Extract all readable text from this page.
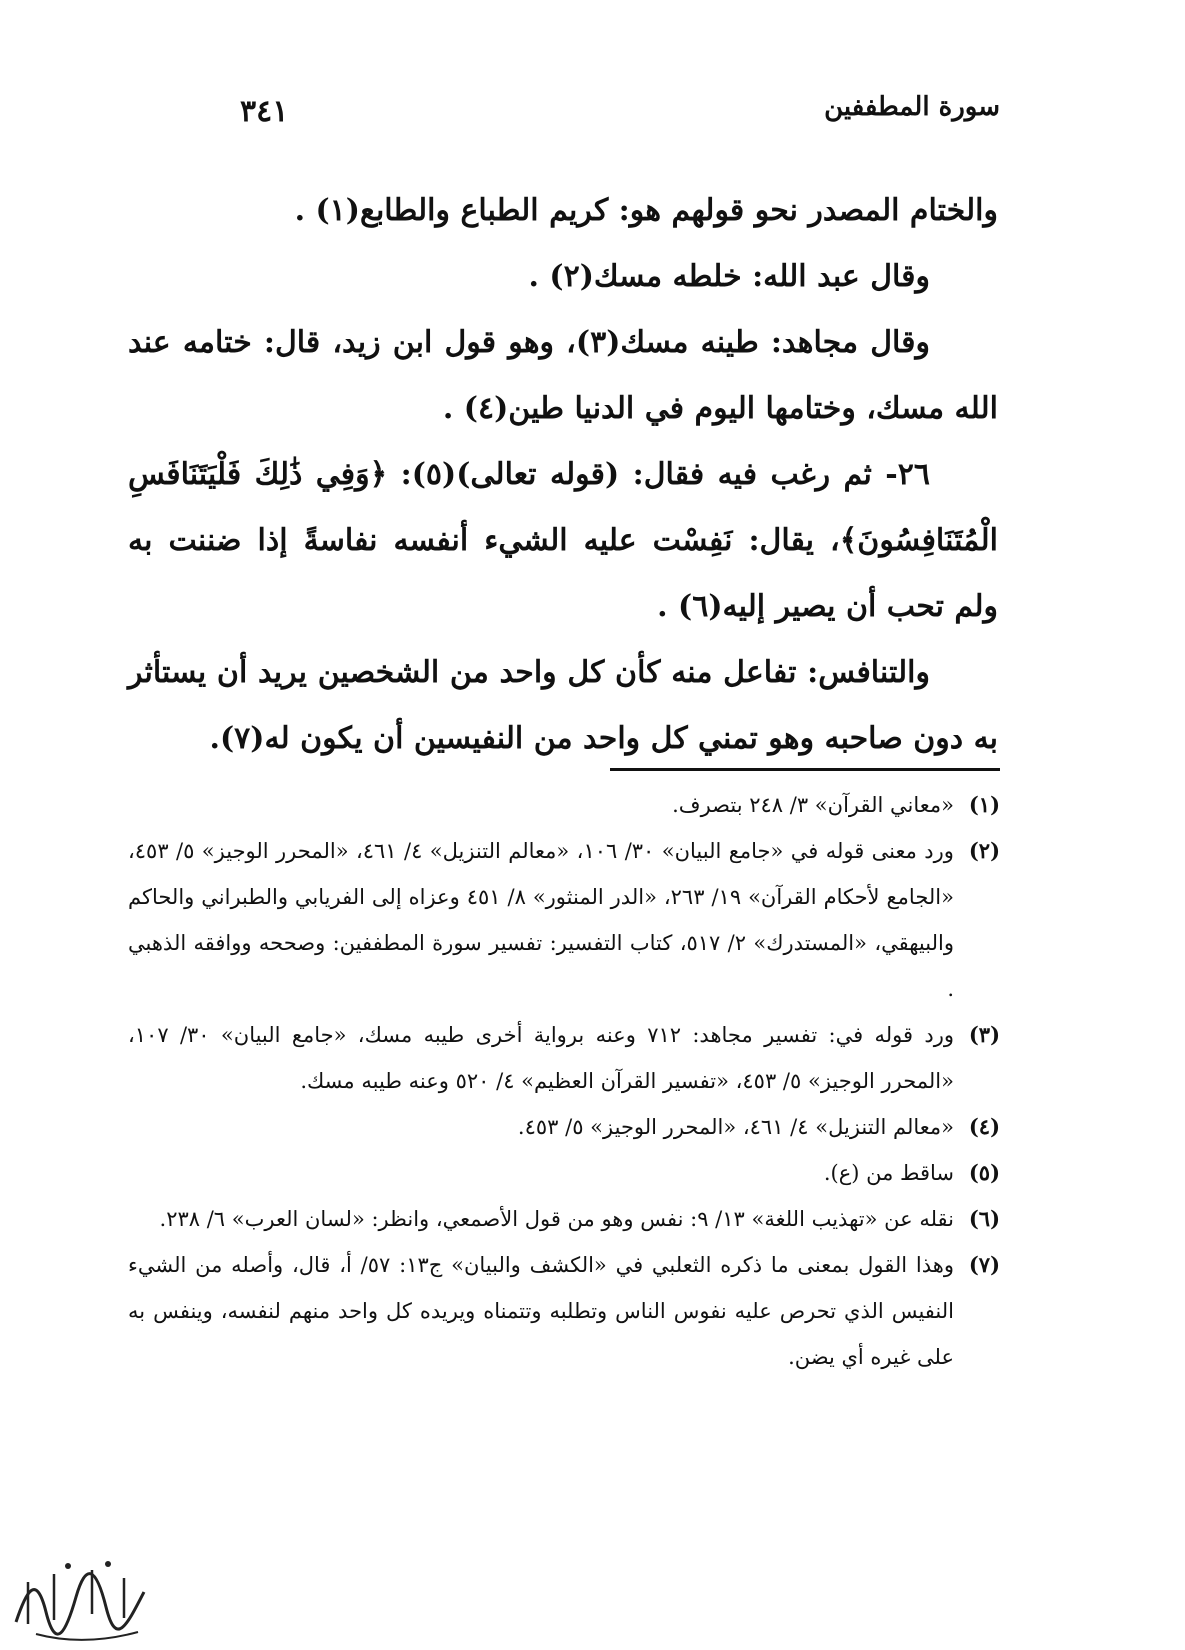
سورة المطففين
٣٤١

والختام المصدر نحو قولهم هو: كريم الطباع والطابع(١) .

وقال عبد الله: خلطه مسك(٢) .

وقال مجاهد: طينه مسك(٣)، وهو قول ابن زيد، قال: ختامه عند الله مسك، وختامها اليوم في الدنيا طين(٤) .

٢٦- ثم رغب فيه فقال: (قوله تعالى)(٥): ﴿وَفِي ذَٰلِكَ فَلْيَتَنَافَسِ الْمُتَنَافِسُونَ﴾، يقال: نَفِسْت عليه الشيء أنفسه نفاسةً إذا ضننت به ولم تحب أن يصير إليه(٦) .

والتنافس: تفاعل منه كأن كل واحد من الشخصين يريد أن يستأثر به دون صاحبه وهو تمني كل واحد من النفيسين أن يكون له(٧).

(١)
«معاني القرآن» ٣/ ٢٤٨ بتصرف.
(٢)
ورد معنى قوله في «جامع البيان» ٣٠/ ١٠٦، «معالم التنزيل» ٤/ ٤٦١، «المحرر الوجيز» ٥/ ٤٥٣، «الجامع لأحكام القرآن» ١٩/ ٢٦٣، «الدر المنثور» ٨/ ٤٥١ وعزاه إلى الفريابي والطبراني والحاكم والبيهقي، «المستدرك» ٢/ ٥١٧، كتاب التفسير: تفسير سورة المطففين: وصححه ووافقه الذهبي .
(٣)
ورد قوله في: تفسير مجاهد: ٧١٢ وعنه برواية أخرى طيبه مسك، «جامع البيان» ٣٠/ ١٠٧، «المحرر الوجيز» ٥/ ٤٥٣، «تفسير القرآن العظيم» ٤/ ٥٢٠ وعنه طيبه مسك.
(٤)
«معالم التنزيل» ٤/ ٤٦١، «المحرر الوجيز» ٥/ ٤٥٣.
(٥)
ساقط من (ع).
(٦)
نقله عن «تهذيب اللغة» ١٣/ ٩: نفس وهو من قول الأصمعي، وانظر: «لسان العرب» ٦/ ٢٣٨.
(٧)
وهذا القول بمعنى ما ذكره الثعلبي في «الكشف والبيان» ج١٣: ٥٧/ أ، قال، وأصله من الشيء النفيس الذي تحرص عليه نفوس الناس وتطلبه وتتمناه ويريده كل واحد منهم لنفسه، وينفس به على غيره أي يضن.
